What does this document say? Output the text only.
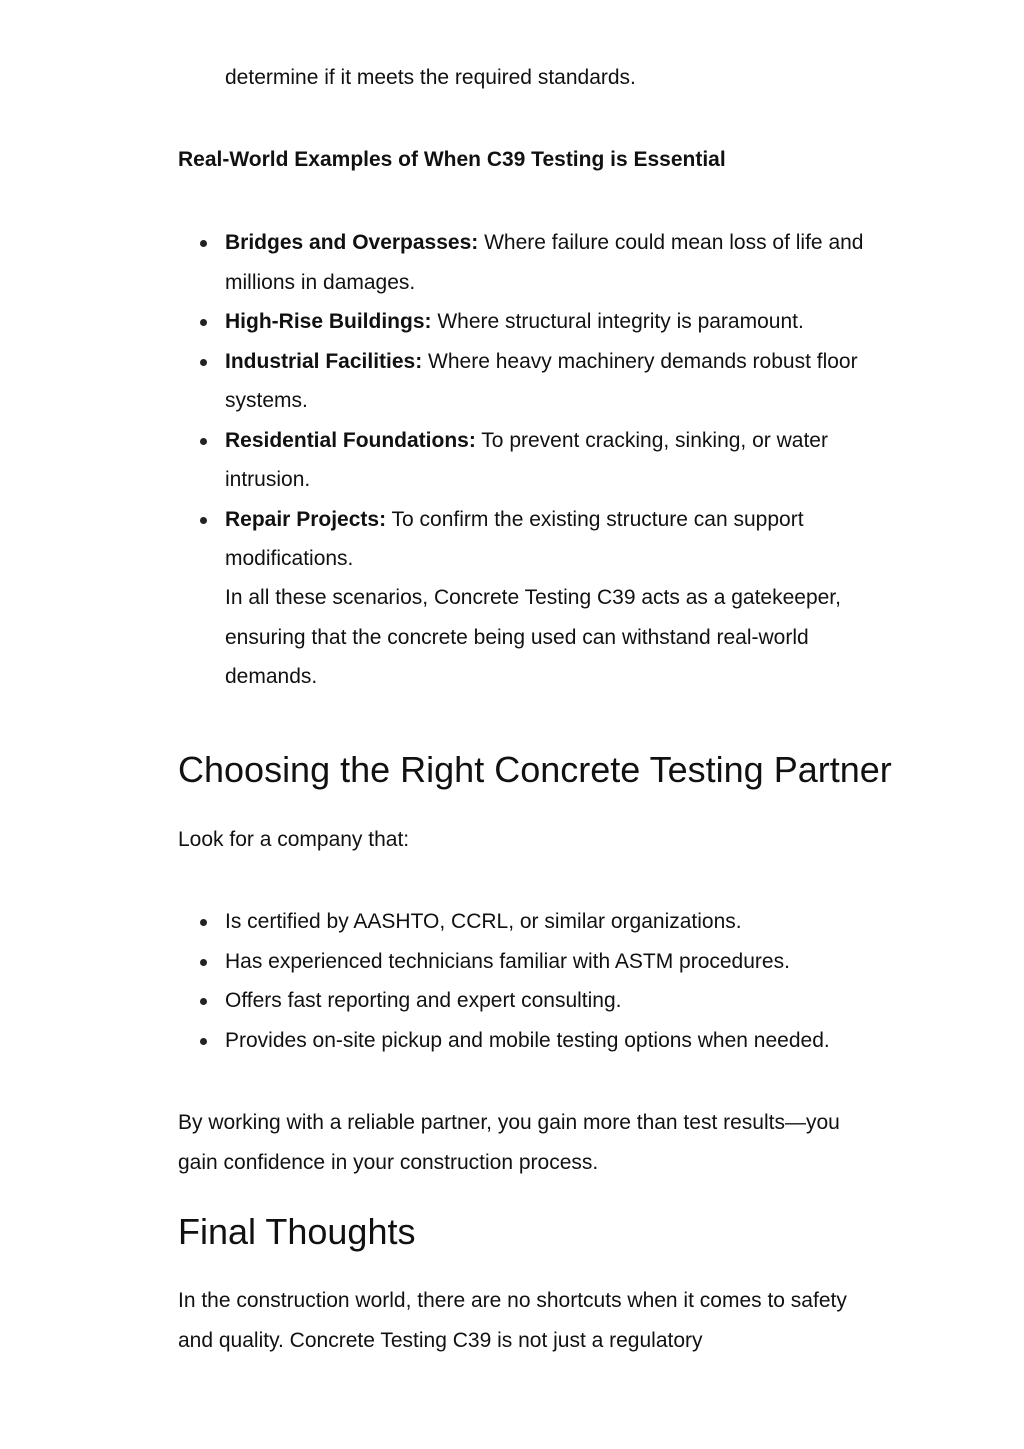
determine if it meets the required standards.

Real-World Examples of When C39 Testing is Essential

Bridges and Overpasses: Where failure could mean loss of life and millions in damages.
High-Rise Buildings: Where structural integrity is paramount.
Industrial Facilities: Where heavy machinery demands robust floor systems.
Residential Foundations: To prevent cracking, sinking, or water intrusion.
Repair Projects: To confirm the existing structure can support modifications.

In all these scenarios, Concrete Testing C39 acts as a gatekeeper, ensuring that the concrete being used can withstand real-world demands.

Choosing the Right Concrete Testing Partner

Look for a company that:

Is certified by AASHTO, CCRL, or similar organizations.
Has experienced technicians familiar with ASTM procedures.
Offers fast reporting and expert consulting.
Provides on-site pickup and mobile testing options when needed.

By working with a reliable partner, you gain more than test results—you gain confidence in your construction process.

Final Thoughts

In the construction world, there are no shortcuts when it comes to safety and quality. Concrete Testing C39 is not just a regulatory
